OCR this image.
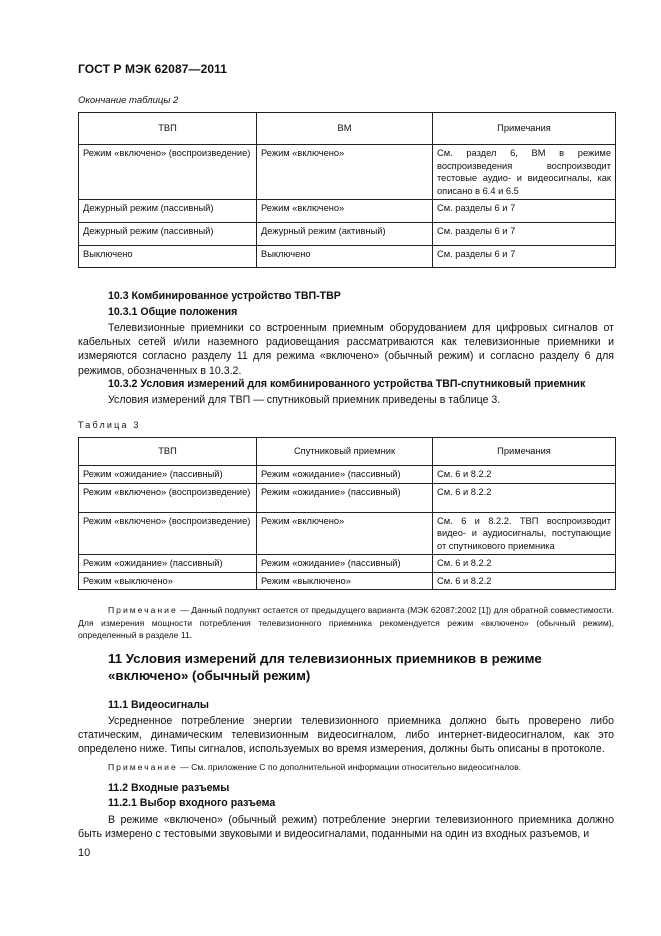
ГОСТ Р МЭК 62087—2011
Окончание таблицы 2
ТВП	ВМ	Примечания
Режим «включено» (воспроизведение)	Режим «включено»	См. раздел 6, ВМ в режиме воспроизведения воспроизводит тестовые аудио- и видеосигналы, как описано в 6.4 и 6.5
Дежурный режим (пассивный)	Режим «включено»	См. разделы 6 и 7
Дежурный режим (пассивный)	Дежурный режим (активный)	См. разделы 6 и 7
Выключено	Выключено	См. разделы 6 и 7
10.3 Комбинированное устройство ТВП-ТВР
10.3.1 Общие положения

Телевизионные приемники со встроенным приемным оборудованием для цифровых сигналов от кабельных сетей и/или наземного радиовещания рассматриваются как телевизионные приемники и измеряются согласно разделу 11 для режима «включено» (обычный режим) и согласно разделу 6 для режимов, обозначенных в 10.3.2.

10.3.2 Условия измерений для комбинированного устройства ТВП-спутниковый приемник

Условия измерений для ТВП — спутниковый приемник приведены в таблице 3.

Таблица 3
ТВП	Спутниковый приемник	Примечания
Режим «ожидание» (пассивный)	Режим «ожидание» (пассивный)	См. 6 и 8.2.2
Режим «включено» (воспроизведение)	Режим «ожидание» (пассивный)	См. 6 и 8.2.2
Режим «включено» (воспроизведение)	Режим «включено»	См. 6 и 8.2.2. ТВП воспроизводит видео- и аудиосигналы, поступающие от спутникового приемника
Режим «ожидание» (пассивный)	Режим «ожидание» (пассивный)	См. 6 и 8.2.2
Режим «выключено»	Режим «выключено»	См. 6 и 8.2.2

Примечание — Данный подпункт остается от предыдущего варианта (МЭК 62087:2002 [1]) для обратной совместимости. Для измерения мощности потребления телевизионного приемника рекомендуется режим «включено» (обычный режим), определенный в разделе 11.

11 Условия измерений для телевизионных приемников в режиме «включено» (обычный режим)

11.1 Видеосигналы

Усредненное потребление энергии телевизионного приемника должно быть проверено либо статическим, динамическим телевизионным видеосигналом, либо интернет-видеосигналом, как это определено ниже. Типы сигналов, используемых во время измерения, должны быть описаны в протоколе.

Примечание — См. приложение С по дополнительной информации относительно видеосигналов.

11.2 Входные разъемы
11.2.1 Выбор входного разъема

В режиме «включено» (обычный режим) потребление энергии телевизионного приемника должно быть измерено с тестовыми звуковыми и видеосигналами, поданными на один из входных разъемов, и

10
